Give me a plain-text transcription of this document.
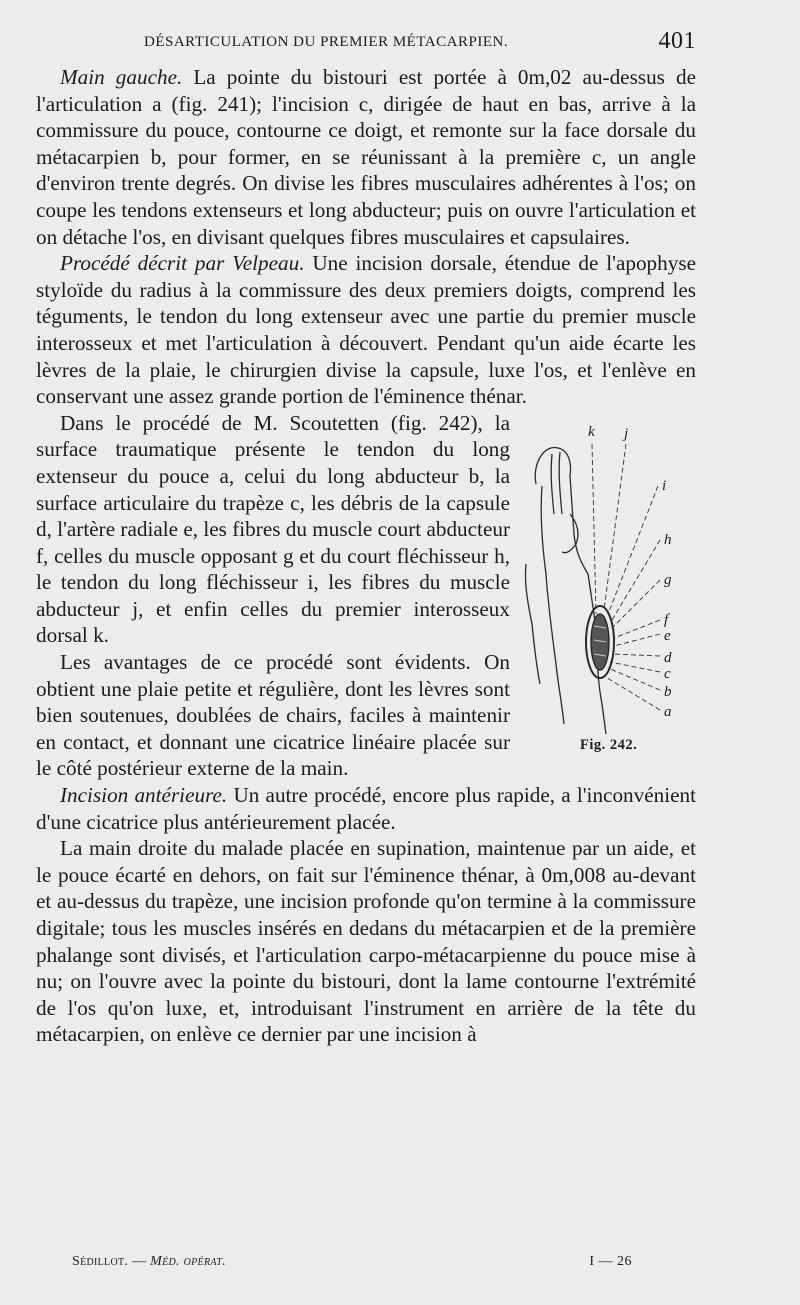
DÉSARTICULATION DU PREMIER MÉTACARPIEN.	401

Main gauche. La pointe du bistouri est portée à 0m,02 au-dessus de l'articulation a (fig. 241); l'incision c, dirigée de haut en bas, arrive à la commissure du pouce, contourne ce doigt, et remonte sur la face dorsale du métacarpien b, pour former, en se réunissant à la première c, un angle d'environ trente degrés. On divise les fibres musculaires adhérentes à l'os; on coupe les tendons extenseurs et long abducteur; puis on ouvre l'articulation et on détache l'os, en divisant quelques fibres musculaires et capsulaires.

Procédé décrit par Velpeau. Une incision dorsale, étendue de l'apophyse styloïde du radius à la commissure des deux premiers doigts, comprend les téguments, le tendon du long extenseur avec une partie du premier muscle interosseux et met l'articulation à découvert. Pendant qu'un aide écarte les lèvres de la plaie, le chirurgien divise la capsule, luxe l'os, et l'enlève en conservant une assez grande portion de l'éminence thénar.

k j
i
h
g
f
e
d
c
b
a
Fig. 242.

Dans le procédé de M. Scoutetten (fig. 242), la surface traumatique présente le tendon du long extenseur du pouce a, celui du long abducteur b, la surface articulaire du trapèze c, les débris de la capsule d, l'artère radiale e, les fibres du muscle court abducteur f, celles du muscle opposant g et du court fléchisseur h, le tendon du long fléchisseur i, les fibres du muscle abducteur j, et enfin celles du premier interosseux dorsal k.

Les avantages de ce procédé sont évidents. On obtient une plaie petite et régulière, dont les lèvres sont bien soutenues, doublées de chairs, faciles à maintenir en contact, et donnant une cicatrice linéaire placée sur le côté postérieur externe de la main.

Incision antérieure. Un autre procédé, encore plus rapide, a l'inconvénient d'une cicatrice plus antérieurement placée.

La main droite du malade placée en supination, maintenue par un aide, et le pouce écarté en dehors, on fait sur l'éminence thénar, à 0m,008 au-devant et au-dessus du trapèze, une incision profonde qu'on termine à la commissure digitale; tous les muscles insérés en dedans du métacarpien et de la première phalange sont divisés, et l'articulation carpo-métacarpienne du pouce mise à nu; on l'ouvre avec la pointe du bistouri, dont la lame contourne l'extrémité de l'os qu'on luxe, et, introduisant l'instrument en arrière de la tête du métacarpien, on enlève ce dernier par une incision à

Sédillot. — Méd. opérat.	I — 26
